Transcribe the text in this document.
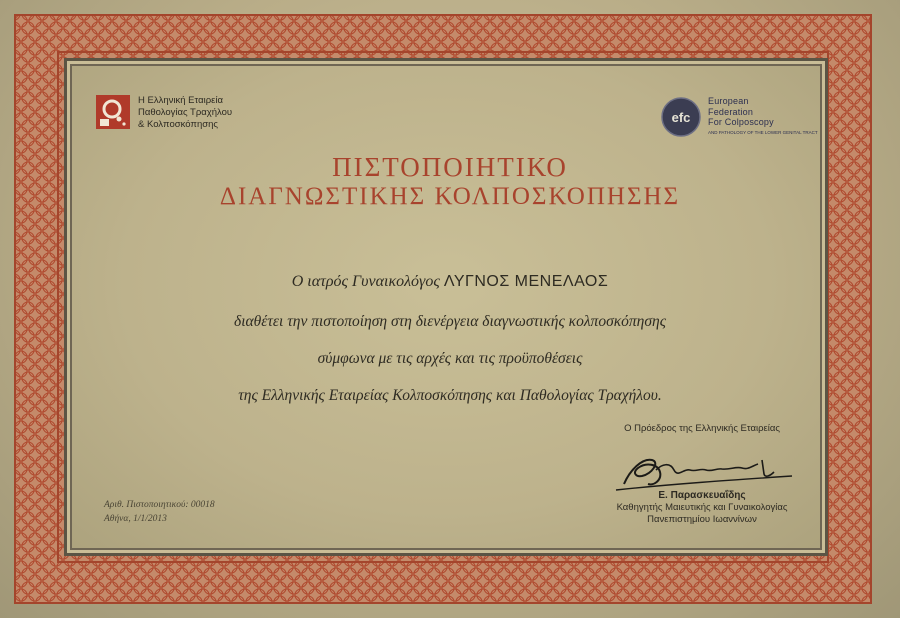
Η Ελληνική Εταιρεία
Παθολογίας Τραχήλου
& Κολποσκόπησης	efc
European
Federation
For Colposcopy
AND PATHOLOGY OF THE LOWER GENITAL TRACT
ΠΙΣΤΟΠΟΙΗΤΙΚΟ
ΔΙΑΓΝΩΣΤΙΚΗΣ ΚΟΛΠΟΣΚΟΠΗΣΗΣ
Ο ιατρός Γυναικολόγος ΛΥΓΝΟΣ ΜΕΝΕΛΑΟΣ
διαθέτει την πιστοποίηση στη διενέργεια διαγνωστικής κολποσκόπησης
σύμφωνα με τις αρχές και τις προϋποθέσεις
της Ελληνικής Εταιρείας Κολποσκόπησης και Παθολογίας Τραχήλου.
Ο Πρόεδρος της Ελληνικής Εταιρείας
Ε. Παρασκευαΐδης
Καθηγητής Μαιευτικής και Γυναικολογίας
Πανεπιστημίου Ιωαννίνων
Αριθ. Πιστοποιητικού: 00018
Αθήνα, 1/1/2013
